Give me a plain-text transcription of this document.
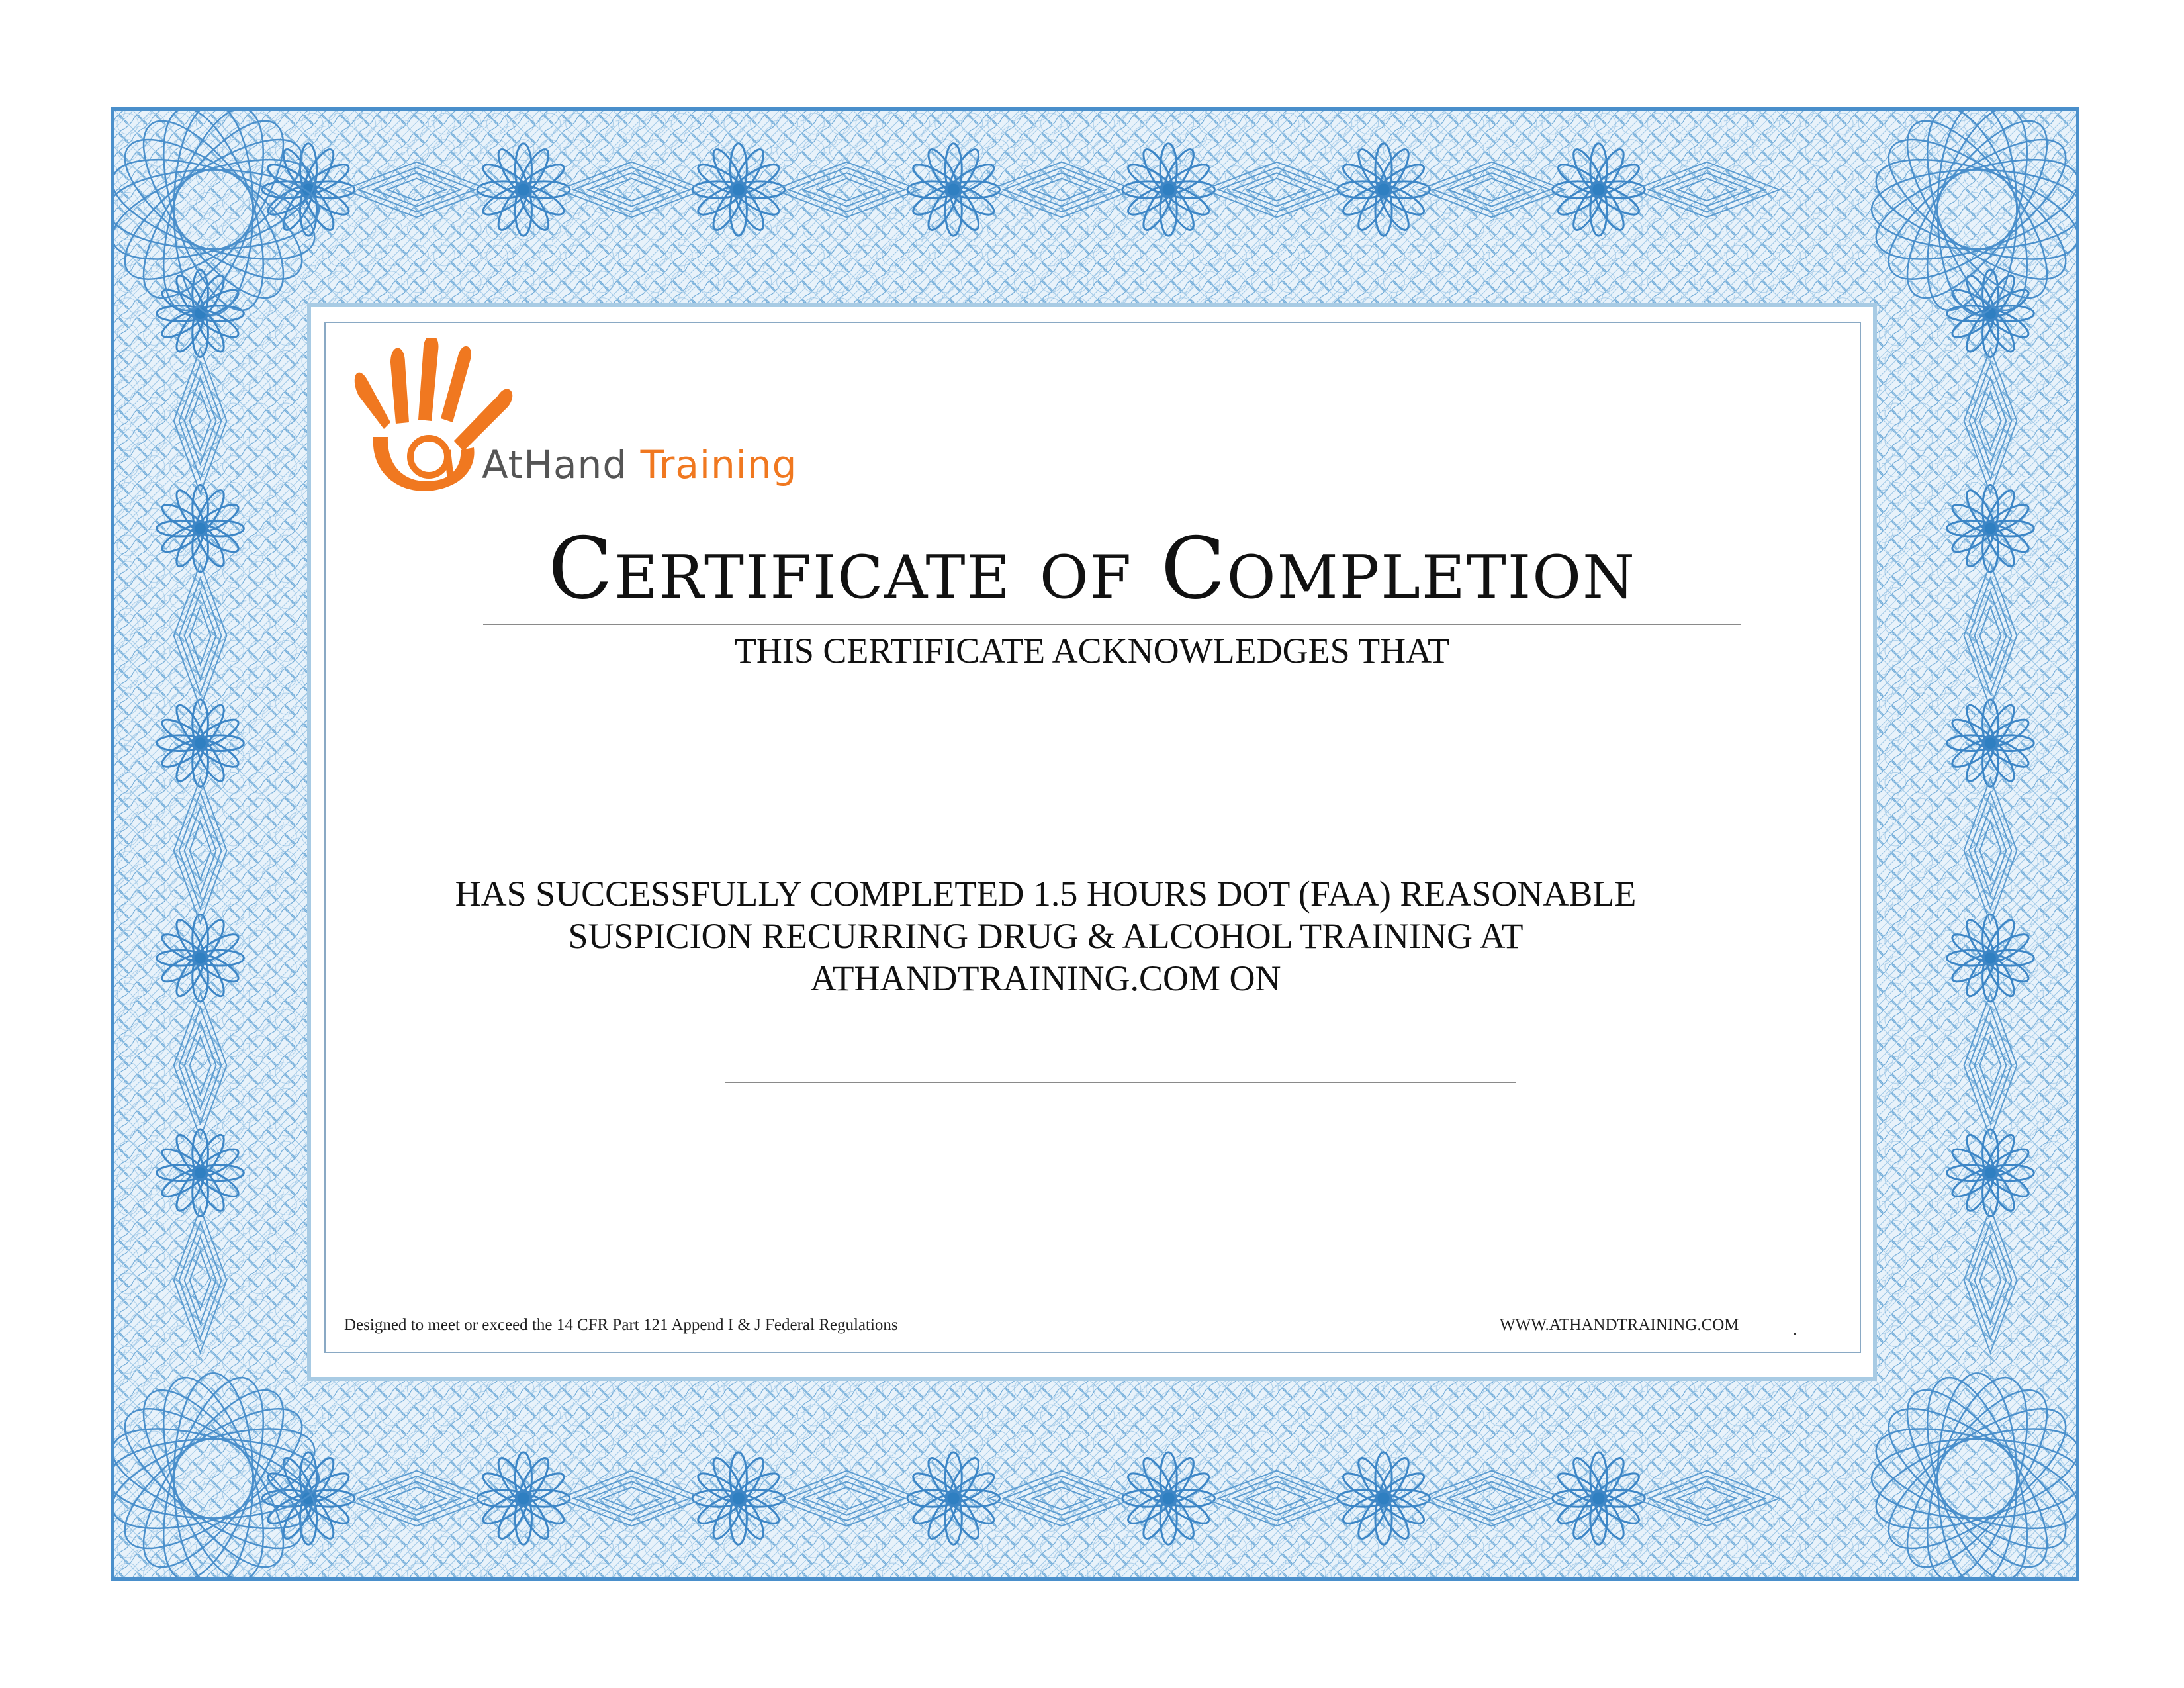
AtHand Training
Certificate of Completion
THIS CERTIFICATE ACKNOWLEDGES THAT
HAS SUCCESSFULLY COMPLETED 1.5 HOURS DOT (FAA) REASONABLE
SUSPICION RECURRING DRUG & ALCOHOL TRAINING AT
ATHANDTRAINING.COM ON
Designed to meet or exceed the 14 CFR Part 121 Append I & J Federal Regulations	WWW.ATHANDTRAINING.COM
